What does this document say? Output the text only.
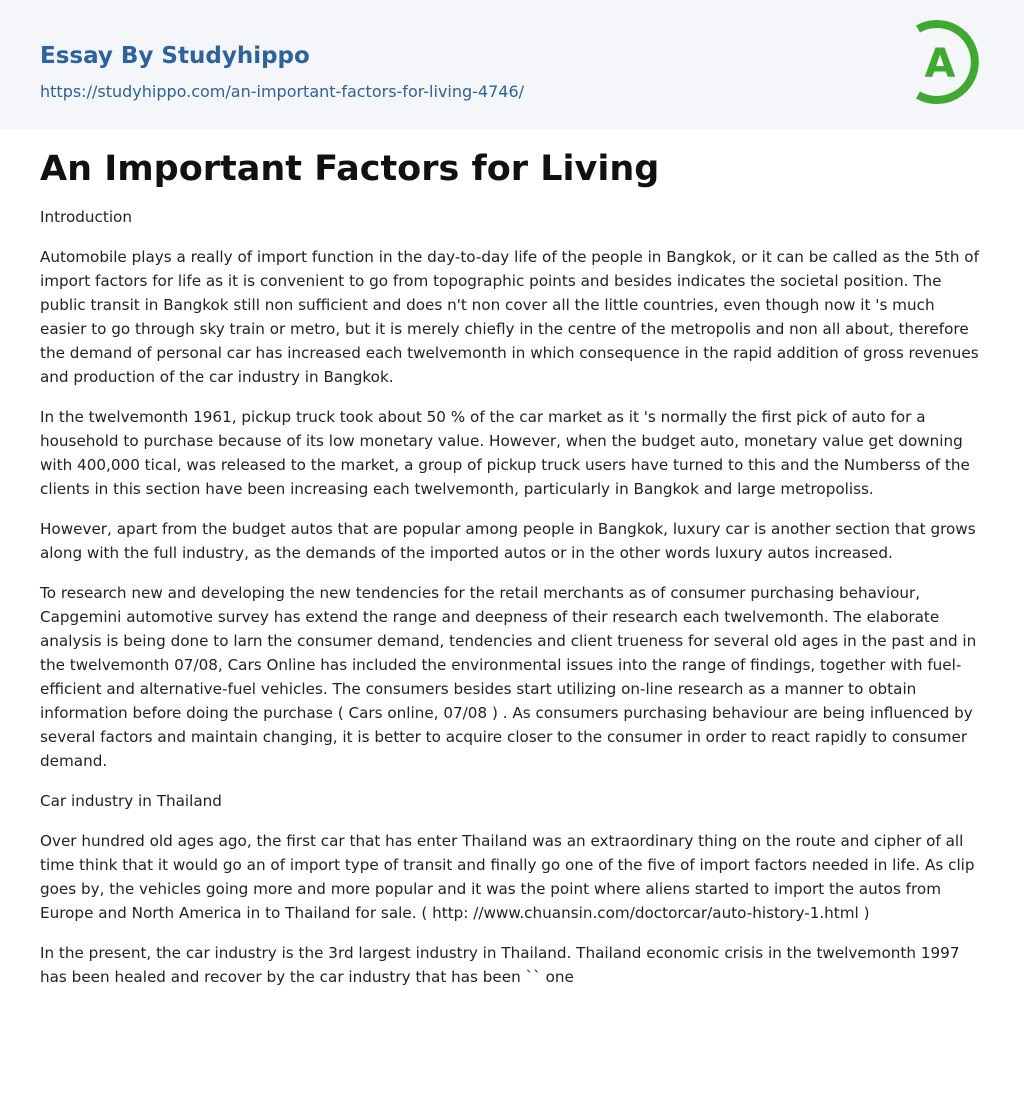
Essay By Studyhippo
https://studyhippo.com/an-important-factors-for-living-4746/
A
An Important Factors for Living

Introduction

Automobile plays a really of import function in the day-to-day life of the people in Bangkok, or it can be called as the 5th of import factors for life as it is convenient to go from topographic points and besides indicates the societal position. The public transit in Bangkok still non sufficient and does n't non cover all the little countries, even though now it 's much easier to go through sky train or metro, but it is merely chiefly in the centre of the metropolis and non all about, therefore the demand of personal car has increased each twelvemonth in which consequence in the rapid addition of gross revenues and production of the car industry in Bangkok.

In the twelvemonth 1961, pickup truck took about 50 % of the car market as it 's normally the first pick of auto for a household to purchase because of its low monetary value. However, when the budget auto, monetary value get downing with 400,000 tical, was released to the market, a group of pickup truck users have turned to this and the Numberss of the clients in this section have been increasing each twelvemonth, particularly in Bangkok and large metropoliss.

However, apart from the budget autos that are popular among people in Bangkok, luxury car is another section that grows along with the full industry, as the demands of the imported autos or in the other words luxury autos increased.

To research new and developing the new tendencies for the retail merchants as of consumer purchasing behaviour, Capgemini automotive survey has extend the range and deepness of their research each twelvemonth. The elaborate analysis is being done to larn the consumer demand, tendencies and client trueness for several old ages in the past and in the twelvemonth 07/08, Cars Online has included the environmental issues into the range of findings, together with fuel-efficient and alternative-fuel vehicles. The consumers besides start utilizing on-line research as a manner to obtain information before doing the purchase ( Cars online, 07/08 ) . As consumers purchasing behaviour are being influenced by several factors and maintain changing, it is better to acquire closer to the consumer in order to react rapidly to consumer demand.

Car industry in Thailand

Over hundred old ages ago, the first car that has enter Thailand was an extraordinary thing on the route and cipher of all time think that it would go an of import type of transit and finally go one of the five of import factors needed in life. As clip goes by, the vehicles going more and more popular and it was the point where aliens started to import the autos from Europe and North America in to Thailand for sale. ( http: //www.chuansin.com/doctorcar/auto-history-1.html )

In the present, the car industry is the 3rd largest industry in Thailand. Thailand economic crisis in the twelvemonth 1997 has been healed and recover by the car industry that has been `` one
